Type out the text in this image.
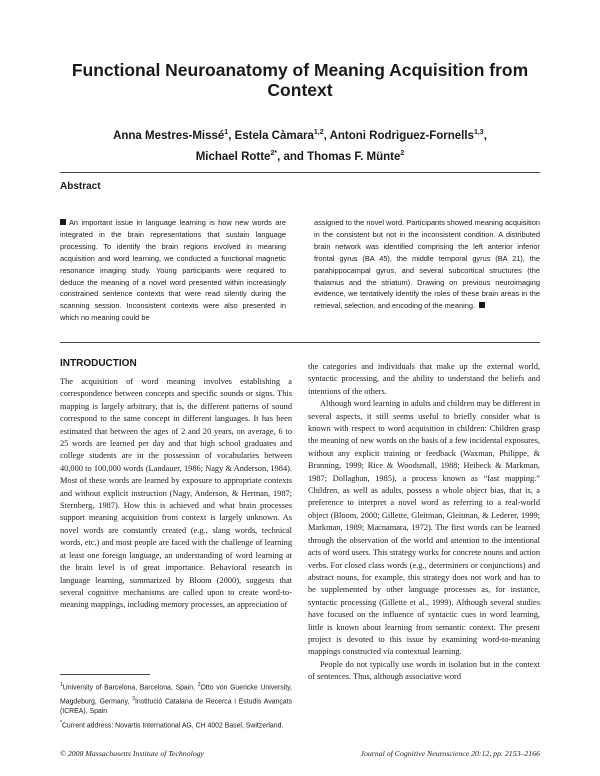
Functional Neuroanatomy of Meaning Acquisition from Context
Anna Mestres-Missé$^1$, Estela Càmara$^{1,2}$, Antoni Rodriguez-Fornells$^{1,3}$,
Michael Rotte$^{2*}$, and Thomas F. Münte$^2$
Abstract
An important issue in language learning is how new words are integrated in the brain representations that sustain language processing. To identify the brain regions involved in meaning acquisition and word learning, we conducted a functional magnetic resonance imaging study. Young participants were required to deduce the meaning of a novel word presented within increasingly constrained sentence contexts that were read silently during the scanning session. Inconsistent contexts were also presented in which no meaning could be
assigned to the novel word. Participants showed meaning acquisition in the consistent but not in the inconsistent condition. A distributed brain network was identified comprising the left anterior inferior frontal gyrus (BA 45), the middle temporal gyrus (BA 21), the parahippocampal gyrus, and several subcortical structures (the thalamus and the striatum). Drawing on previous neuroimaging evidence, we tentatively identify the roles of these brain areas in the retrieval, selection, and encoding of the meaning.
INTRODUCTION

The acquisition of word meaning involves establishing a correspondence between concepts and specific sounds or signs. This mapping is largely arbitrary, that is, the different patterns of sound correspond to the same concept in different languages. It has been estimated that between the ages of 2 and 20 years, on average, 6 to 25 words are learned per day and that high school graduates and college students are in the possession of vocabularies between 40,000 to 100,000 words (Landauer, 1986; Nagy & Anderson, 1984). Most of these words are learned by exposure to appropriate contexts and without explicit instruction (Nagy, Anderson, & Herman, 1987; Sternberg, 1987). How this is achieved and what brain processes support meaning acquisition from context is largely unknown. As novel words are constantly created (e.g., slang words, technical words, etc.) and most people are faced with the challenge of learning at least one foreign language, an understanding of word learning at the brain level is of great importance. Behavioral research in language learning, summarized by Bloom (2000), suggests that several cognitive mechanisms are called upon to create word-to-meaning mappings, including memory processes, an appreciation of

the categories and individuals that make up the external world, syntactic processing, and the ability to understand the beliefs and intentions of the others.

Although word learning in adults and children may be different in several aspects, it still seems useful to briefly consider what is known with respect to word acquisition in children: Children grasp the meaning of new words on the basis of a few incidental exposures, without any explicit training or feedback (Waxman, Philippe, & Branning, 1999; Rice & Woodsmall, 1988; Heibeck & Markman, 1987; Dollaghan, 1985), a process known as “fast mapping.” Children, as well as adults, possess a whole object bias, that is, a preference to interpret a novel word as referring to a real-world object (Bloom, 2000; Gillette, Gleitman, Gleitman, & Lederer, 1999; Markman, 1989; Macnamara, 1972). The first words can be learned through the observation of the world and attention to the intentional acts of word users. This strategy works for concrete nouns and action verbs. For closed class words (e.g., determiners or conjunctions) and abstract nouns, for example, this strategy does not work and has to be supplemented by other language processes as, for instance, syntactic processing (Gillette et al., 1999). Although several studies have focused on the influence of syntactic cues in word learning, little is known about learning from semantic context. The present project is devoted to this issue by examining word-to-meaning mappings constructed via contextual learning.

People do not typically use words in isolation but in the context of sentences. Thus, although associative word

$^1$University of Barcelona, Barcelona, Spain, $^2$Otto von Guericke University, Magdeburg, Germany, $^3$Institució Catalana de Recerca i Estudis Avançats (ICREA), Spain
*Current address: Novartis International AG, CH 4002 Basel, Switzerland.
© 2008 Massachusetts Institute of Technology	Journal of Cognitive Neuroscience 20:12, pp. 2153–2166
